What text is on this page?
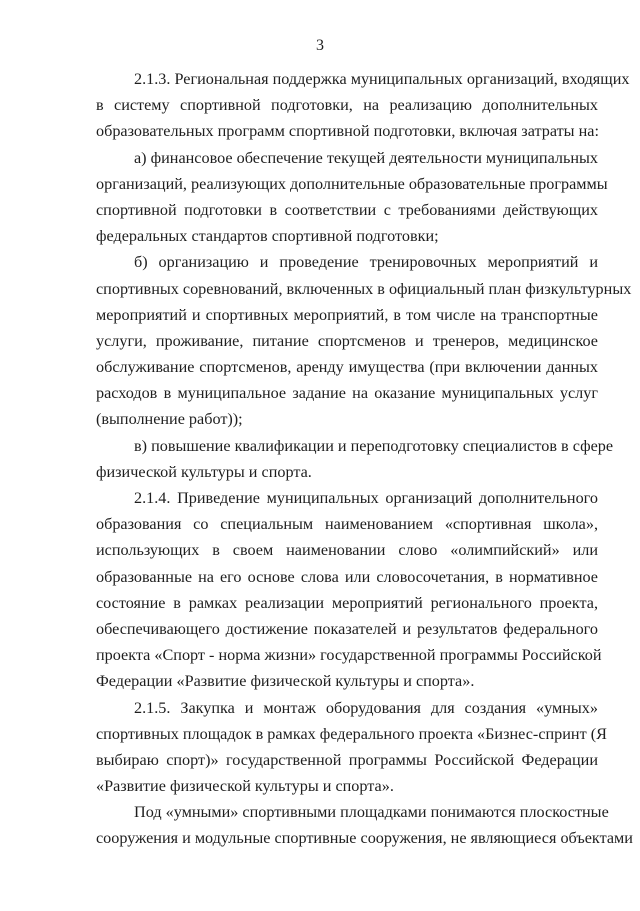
3

2.1.3. Региональная поддержка муниципальных организаций, входящих
в систему спортивной подготовки, на реализацию дополнительных
образовательных программ спортивной подготовки, включая затраты на:

а) финансовое обеспечение текущей деятельности муниципальных
организаций, реализующих дополнительные образовательные программы
спортивной подготовки в соответствии с требованиями действующих
федеральных стандартов спортивной подготовки;

б) организацию и проведение тренировочных мероприятий и
спортивных соревнований, включенных в официальный план физкультурных
мероприятий и спортивных мероприятий, в том числе на транспортные
услуги, проживание, питание спортсменов и тренеров, медицинское
обслуживание спортсменов, аренду имущества (при включении данных
расходов в муниципальное задание на оказание муниципальных услуг
(выполнение работ));

в) повышение квалификации и переподготовку специалистов в сфере
физической культуры и спорта.

2.1.4. Приведение муниципальных организаций дополнительного
образования со специальным наименованием «спортивная школа»,
использующих в своем наименовании слово «олимпийский» или
образованные на его основе слова или словосочетания, в нормативное
состояние в рамках реализации мероприятий регионального проекта,
обеспечивающего достижение показателей и результатов федерального
проекта «Спорт - норма жизни» государственной программы Российской
Федерации «Развитие физической культуры и спорта».

2.1.5. Закупка и монтаж оборудования для создания «умных»
спортивных площадок в рамках федерального проекта «Бизнес-спринт (Я
выбираю спорт)» государственной программы Российской Федерации
«Развитие физической культуры и спорта».

Под «умными» спортивными площадками понимаются плоскостные
сооружения и модульные спортивные сооружения, не являющиеся объектами
